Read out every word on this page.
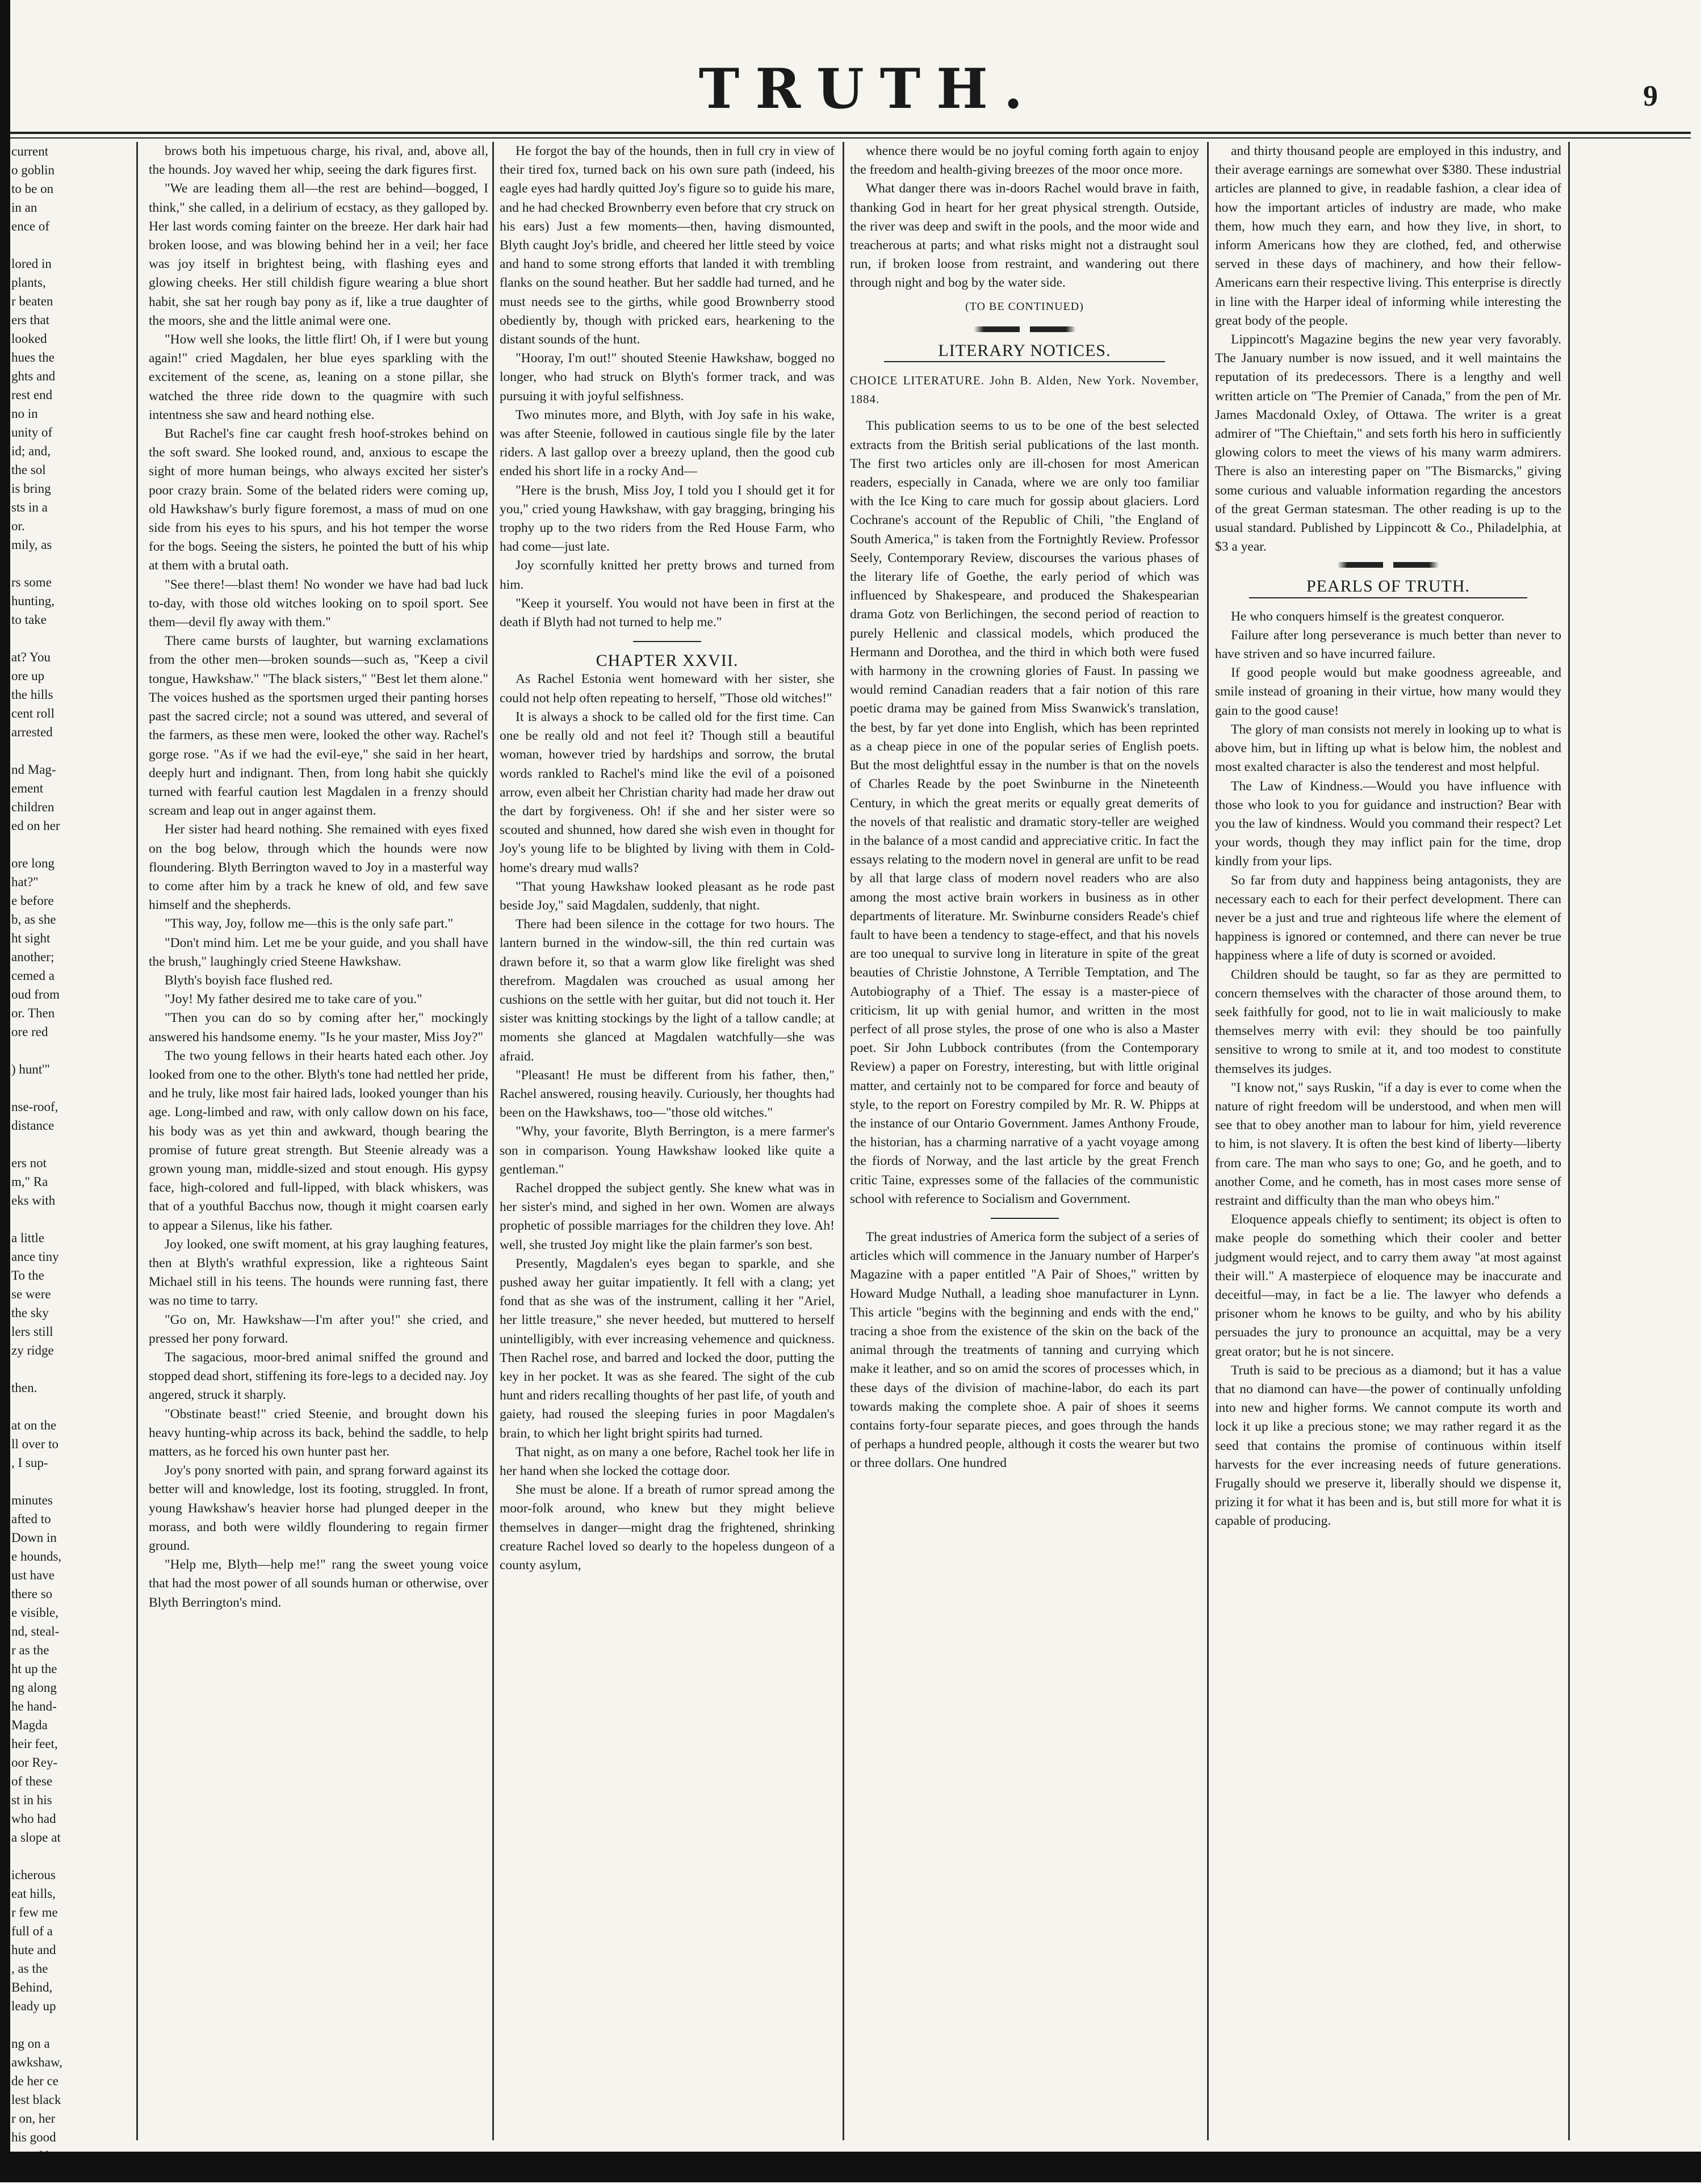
TRUTH.	9
current
o goblin
to be on
in an
ence of

lored in
plants,
r beaten
ers that
looked
hues the
ghts and
rest end
no in
unity of
id; and,
the sol
is bring
sts in a
or.
mily, as

rs some
hunting,
to take

at? You
ore up
the hills
cent roll
arrested

nd Mag-
ement
children
ed on her

ore long
hat?"
e before
b, as she
ht sight
another;
cemed a
oud from
or. Then
ore red

) hunt'"

nse-roof,
distance

ers not
m," Ra
eks with

a little
ance tiny
To the
se were
the sky
lers still
zy ridge

then.

at on the
ll over to
, I sup-

minutes
afted to
Down in
e hounds,
ust have
there so
e visible,
nd, steal-
r as the
ht up the
ng along
he hand-
Magda
heir feet,
oor Rey-
of these
st in his
who had
a slope at

icherous
eat hills,
r few me
full of a
hute and
, as the
Behind,
leady up

ng on a
awkshaw,
de her ce
lest black
r on, her
his good

brows both his impetuous charge, his rival, and, above all, the hounds. Joy waved her whip, seeing the dark figures first.

"We are leading them all—the rest are behind—bogged, I think," she called, in a delirium of ecstacy, as they galloped by. Her last words coming fainter on the breeze. Her dark hair had broken loose, and was blowing behind her in a veil; her face was joy itself in brightest being, with flashing eyes and glowing cheeks. Her still childish figure wearing a blue short habit, she sat her rough bay pony as if, like a true daughter of the moors, she and the little animal were one.

"How well she looks, the little flirt! Oh, if I were but young again!" cried Magdalen, her blue eyes sparkling with the excitement of the scene, as, leaning on a stone pillar, she watched the three ride down to the quagmire with such intentness she saw and heard nothing else.

But Rachel's fine car caught fresh hoof-strokes behind on the soft sward. She looked round, and, anxious to escape the sight of more human beings, who always excited her sister's poor crazy brain. Some of the belated riders were coming up, old Hawkshaw's burly figure foremost, a mass of mud on one side from his eyes to his spurs, and his hot temper the worse for the bogs. Seeing the sisters, he pointed the butt of his whip at them with a brutal oath.

"See there!—blast them! No wonder we have had bad luck to-day, with those old witches looking on to spoil sport. See them—devil fly away with them."

There came bursts of laughter, but warning exclamations from the other men—broken sounds—such as, "Keep a civil tongue, Hawkshaw." "The black sisters," "Best let them alone." The voices hushed as the sportsmen urged their panting horses past the sacred circle; not a sound was uttered, and several of the farmers, as these men were, looked the other way. Rachel's gorge rose. "As if we had the evil-eye," she said in her heart, deeply hurt and indignant. Then, from long habit she quickly turned with fearful caution lest Magdalen in a frenzy should scream and leap out in anger against them.

Her sister had heard nothing. She remained with eyes fixed on the bog below, through which the hounds were now floundering. Blyth Berrington waved to Joy in a masterful way to come after him by a track he knew of old, and few save himself and the shepherds.

"This way, Joy, follow me—this is the only safe part."

"Don't mind him. Let me be your guide, and you shall have the brush," laughingly cried Steene Hawkshaw.

Blyth's boyish face flushed red.

"Joy! My father desired me to take care of you."

"Then you can do so by coming after her," mockingly answered his handsome enemy. "Is he your master, Miss Joy?"

The two young fellows in their hearts hated each other. Joy looked from one to the other. Blyth's tone had nettled her pride, and he truly, like most fair haired lads, looked younger than his age. Long-limbed and raw, with only callow down on his face, his body was as yet thin and awkward, though bearing the promise of future great strength. But Steenie already was a grown young man, middle-sized and stout enough. His gypsy face, high-colored and full-lipped, with black whiskers, was that of a youthful Bacchus now, though it might coarsen early to appear a Silenus, like his father.

Joy looked, one swift moment, at his gray laughing features, then at Blyth's wrathful expression, like a righteous Saint Michael still in his teens. The hounds were running fast, there was no time to tarry.

"Go on, Mr. Hawkshaw—I'm after you!" she cried, and pressed her pony forward.

The sagacious, moor-bred animal sniffed the ground and stopped dead short, stiffening its fore-legs to a decided nay. Joy angered, struck it sharply.

"Obstinate beast!" cried Steenie, and brought down his heavy hunting-whip across its back, behind the saddle, to help matters, as he forced his own hunter past her.

Joy's pony snorted with pain, and sprang forward against its better will and knowledge, lost its footing, struggled. In front, young Hawkshaw's heavier horse had plunged deeper in the morass, and both were wildly floundering to regain firmer ground.

"Help me, Blyth—help me!" rang the sweet young voice that had the most power of all sounds human or otherwise, over Blyth Berrington's mind.

He forgot the bay of the hounds, then in full cry in view of their tired fox, turned back on his own sure path (indeed, his eagle eyes had hardly quitted Joy's figure so to guide his mare, and he had checked Brownberry even before that cry struck on his ears) Just a few moments—then, having dismounted, Blyth caught Joy's bridle, and cheered her little steed by voice and hand to some strong efforts that landed it with trembling flanks on the sound heather. But her saddle had turned, and he must needs see to the girths, while good Brownberry stood obediently by, though with pricked ears, hearkening to the distant sounds of the hunt.

"Hooray, I'm out!" shouted Steenie Hawkshaw, bogged no longer, who had struck on Blyth's former track, and was pursuing it with joyful selfishness.

Two minutes more, and Blyth, with Joy safe in his wake, was after Steenie, followed in cautious single file by the later riders. A last gallop over a breezy upland, then the good cub ended his short life in a rocky And—

"Here is the brush, Miss Joy, I told you I should get it for you," cried young Hawkshaw, with gay bragging, bringing his trophy up to the two riders from the Red House Farm, who had come—just late.

Joy scornfully knitted her pretty brows and turned from him.

"Keep it yourself. You would not have been in first at the death if Blyth had not turned to help me."

CHAPTER XXVII.

As Rachel Estonia went homeward with her sister, she could not help often repeating to herself, "Those old witches!"

It is always a shock to be called old for the first time. Can one be really old and not feel it? Though still a beautiful woman, however tried by hardships and sorrow, the brutal words rankled to Rachel's mind like the evil of a poisoned arrow, even albeit her Christian charity had made her draw out the dart by forgiveness. Oh! if she and her sister were so scouted and shunned, how dared she wish even in thought for Joy's young life to be blighted by living with them in Cold-home's dreary mud walls?

"That young Hawkshaw looked pleasant as he rode past beside Joy," said Magdalen, suddenly, that night.

There had been silence in the cottage for two hours. The lantern burned in the window-sill, the thin red curtain was drawn before it, so that a warm glow like firelight was shed therefrom. Magdalen was crouched as usual among her cushions on the settle with her guitar, but did not touch it. Her sister was knitting stockings by the light of a tallow candle; at moments she glanced at Magdalen watchfully—she was afraid.

"Pleasant! He must be different from his father, then," Rachel answered, rousing heavily. Curiously, her thoughts had been on the Hawkshaws, too—"those old witches."

"Why, your favorite, Blyth Berrington, is a mere farmer's son in comparison. Young Hawkshaw looked like quite a gentleman."

Rachel dropped the subject gently. She knew what was in her sister's mind, and sighed in her own. Women are always prophetic of possible marriages for the children they love. Ah! well, she trusted Joy might like the plain farmer's son best.

Presently, Magdalen's eyes began to sparkle, and she pushed away her guitar impatiently. It fell with a clang; yet fond that as she was of the instrument, calling it her "Ariel, her little treasure," she never heeded, but muttered to herself unintelligibly, with ever increasing vehemence and quickness. Then Rachel rose, and barred and locked the door, putting the key in her pocket. It was as she feared. The sight of the cub hunt and riders recalling thoughts of her past life, of youth and gaiety, had roused the sleeping furies in poor Magdalen's brain, to which her light bright spirits had turned.

That night, as on many a one before, Rachel took her life in her hand when she locked the cottage door.

She must be alone. If a breath of rumor spread among the moor-folk around, who knew but they might believe themselves in danger—might drag the frightened, shrinking creature Rachel loved so dearly to the hopeless dungeon of a county asylum,

whence there would be no joyful coming forth again to enjoy the freedom and health-giving breezes of the moor once more.

What danger there was in-doors Rachel would brave in faith, thanking God in heart for her great physical strength. Outside, the river was deep and swift in the pools, and the moor wide and treacherous at parts; and what risks might not a distraught soul run, if broken loose from restraint, and wandering out there through night and bog by the water side.

(TO BE CONTINUED)
LITERARY NOTICES.

CHOICE LITERATURE. John B. Alden, New York. November, 1884.

This publication seems to us to be one of the best selected extracts from the British serial publications of the last month. The first two articles only are ill-chosen for most American readers, especially in Canada, where we are only too familiar with the Ice King to care much for gossip about glaciers. Lord Cochrane's account of the Republic of Chili, "the England of South America," is taken from the Fortnightly Review. Professor Seely, Contemporary Review, discourses the various phases of the literary life of Goethe, the early period of which was influenced by Shakespeare, and produced the Shakespearian drama Gotz von Berlichingen, the second period of reaction to purely Hellenic and classical models, which produced the Hermann and Dorothea, and the third in which both were fused with harmony in the crowning glories of Faust. In passing we would remind Canadian readers that a fair notion of this rare poetic drama may be gained from Miss Swanwick's translation, the best, by far yet done into English, which has been reprinted as a cheap piece in one of the popular series of English poets. But the most delightful essay in the number is that on the novels of Charles Reade by the poet Swinburne in the Nineteenth Century, in which the great merits or equally great demerits of the novels of that realistic and dramatic story-teller are weighed in the balance of a most candid and appreciative critic. In fact the essays relating to the modern novel in general are unfit to be read by all that large class of modern novel readers who are also among the most active brain workers in business as in other departments of literature. Mr. Swinburne considers Reade's chief fault to have been a tendency to stage-effect, and that his novels are too unequal to survive long in literature in spite of the great beauties of Christie Johnstone, A Terrible Temptation, and The Autobiography of a Thief. The essay is a master-piece of criticism, lit up with genial humor, and written in the most perfect of all prose styles, the prose of one who is also a Master poet. Sir John Lubbock contributes (from the Contemporary Review) a paper on Forestry, interesting, but with little original matter, and certainly not to be compared for force and beauty of style, to the report on Forestry compiled by Mr. R. W. Phipps at the instance of our Ontario Government. James Anthony Froude, the historian, has a charming narrative of a yacht voyage among the fiords of Norway, and the last article by the great French critic Taine, expresses some of the fallacies of the communistic school with reference to Socialism and Government.

The great industries of America form the subject of a series of articles which will commence in the January number of Harper's Magazine with a paper entitled "A Pair of Shoes," written by Howard Mudge Nuthall, a leading shoe manufacturer in Lynn. This article "begins with the beginning and ends with the end," tracing a shoe from the existence of the skin on the back of the animal through the treatments of tanning and currying which make it leather, and so on amid the scores of processes which, in these days of the division of machine-labor, do each its part towards making the complete shoe. A pair of shoes it seems contains forty-four separate pieces, and goes through the hands of perhaps a hundred people, although it costs the wearer but two or three dollars. One hundred

and thirty thousand people are employed in this industry, and their average earnings are somewhat over $380. These industrial articles are planned to give, in readable fashion, a clear idea of how the important articles of industry are made, who make them, how much they earn, and how they live, in short, to inform Americans how they are clothed, fed, and otherwise served in these days of machinery, and how their fellow-Americans earn their respective living. This enterprise is directly in line with the Harper ideal of informing while interesting the great body of the people.

Lippincott's Magazine begins the new year very favorably. The January number is now issued, and it well maintains the reputation of its predecessors. There is a lengthy and well written article on "The Premier of Canada," from the pen of Mr. James Macdonald Oxley, of Ottawa. The writer is a great admirer of "The Chieftain," and sets forth his hero in sufficiently glowing colors to meet the views of his many warm admirers. There is also an interesting paper on "The Bismarcks," giving some curious and valuable information regarding the ancestors of the great German statesman. The other reading is up to the usual standard. Published by Lippincott & Co., Philadelphia, at $3 a year.

PEARLS OF TRUTH.

He who conquers himself is the greatest conqueror.

Failure after long perseverance is much better than never to have striven and so have incurred failure.

If good people would but make goodness agreeable, and smile instead of groaning in their virtue, how many would they gain to the good cause!

The glory of man consists not merely in looking up to what is above him, but in lifting up what is below him, the noblest and most exalted character is also the tenderest and most helpful.

The Law of Kindness.—Would you have influence with those who look to you for guidance and instruction? Bear with you the law of kindness. Would you command their respect? Let your words, though they may inflict pain for the time, drop kindly from your lips.

So far from duty and happiness being antagonists, they are necessary each to each for their perfect development. There can never be a just and true and righteous life where the element of happiness is ignored or contemned, and there can never be true happiness where a life of duty is scorned or avoided.

Children should be taught, so far as they are permitted to concern themselves with the character of those around them, to seek faithfully for good, not to lie in wait maliciously to make themselves merry with evil: they should be too painfully sensitive to wrong to smile at it, and too modest to constitute themselves its judges.

"I know not," says Ruskin, "if a day is ever to come when the nature of right freedom will be understood, and when men will see that to obey another man to labour for him, yield reverence to him, is not slavery. It is often the best kind of liberty—liberty from care. The man who says to one; Go, and he goeth, and to another Come, and he cometh, has in most cases more sense of restraint and difficulty than the man who obeys him."

Eloquence appeals chiefly to sentiment; its object is often to make people do something which their cooler and better judgment would reject, and to carry them away "at most against their will." A masterpiece of eloquence may be inaccurate and deceitful—may, in fact be a lie. The lawyer who defends a prisoner whom he knows to be guilty, and who by his ability persuades the jury to pronounce an acquittal, may be a very great orator; but he is not sincere.

Truth is said to be precious as a diamond; but it has a value that no diamond can have—the power of continually unfolding into new and higher forms. We cannot compute its worth and lock it up like a precious stone; we may rather regard it as the seed that contains the promise of continuous within itself harvests for the ever increasing needs of future generations. Frugally should we preserve it, liberally should we dispense it, prizing it for what it has been and is, but still more for what it is capable of producing.
